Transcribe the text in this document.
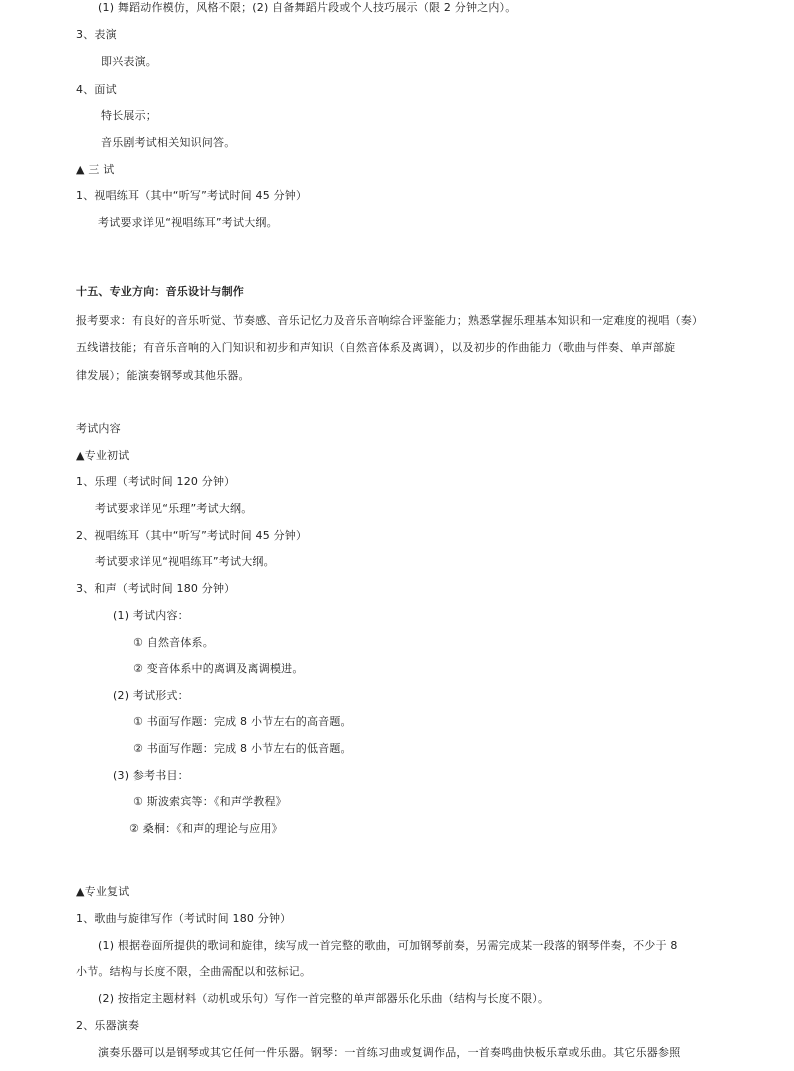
(1) 舞蹈动作模仿，风格不限；(2) 自备舞蹈片段或个人技巧展示（限 2 分钟之内）。
3、表演
即兴表演。
4、面试
特长展示；
音乐剧考试相关知识问答。
▲ 三 试
1、视唱练耳（其中“听写”考试时间 45 分钟）
考试要求详见“视唱练耳”考试大纲。
十五、专业方向：音乐设计与制作
报考要求：有良好的音乐听觉、节奏感、音乐记忆力及音乐音响综合评鉴能力；熟悉掌握乐理基本知识和一定难度的视唱（奏）
五线谱技能；有音乐音响的入门知识和初步和声知识（自然音体系及离调），以及初步的作曲能力（歌曲与伴奏、单声部旋
律发展）；能演奏钢琴或其他乐器。
考试内容
▲专业初试
1、乐理（考试时间 120 分钟）
考试要求详见“乐理”考试大纲。
2、视唱练耳（其中“听写”考试时间 45 分钟）
考试要求详见“视唱练耳”考试大纲。
3、和声（考试时间 180 分钟）
(1) 考试内容：
① 自然音体系。
② 变音体系中的离调及离调模进。
(2) 考试形式：
① 书面写作题：完成 8 小节左右的高音题。
② 书面写作题：完成 8 小节左右的低音题。
(3) 参考书目：
① 斯波索宾等：《和声学教程》
② 桑桐：《和声的理论与应用》
▲专业复试
1、歌曲与旋律写作（考试时间 180 分钟）
(1) 根据卷面所提供的歌词和旋律，续写成一首完整的歌曲，可加钢琴前奏，另需完成某一段落的钢琴伴奏，不少于 8
小节。结构与长度不限，全曲需配以和弦标记。
(2) 按指定主题材料（动机或乐句）写作一首完整的单声部器乐化乐曲（结构与长度不限）。
2、乐器演奏
演奏乐器可以是钢琴或其它任何一件乐器。钢琴：一首练习曲或复调作品，一首奏鸣曲快板乐章或乐曲。其它乐器参照
